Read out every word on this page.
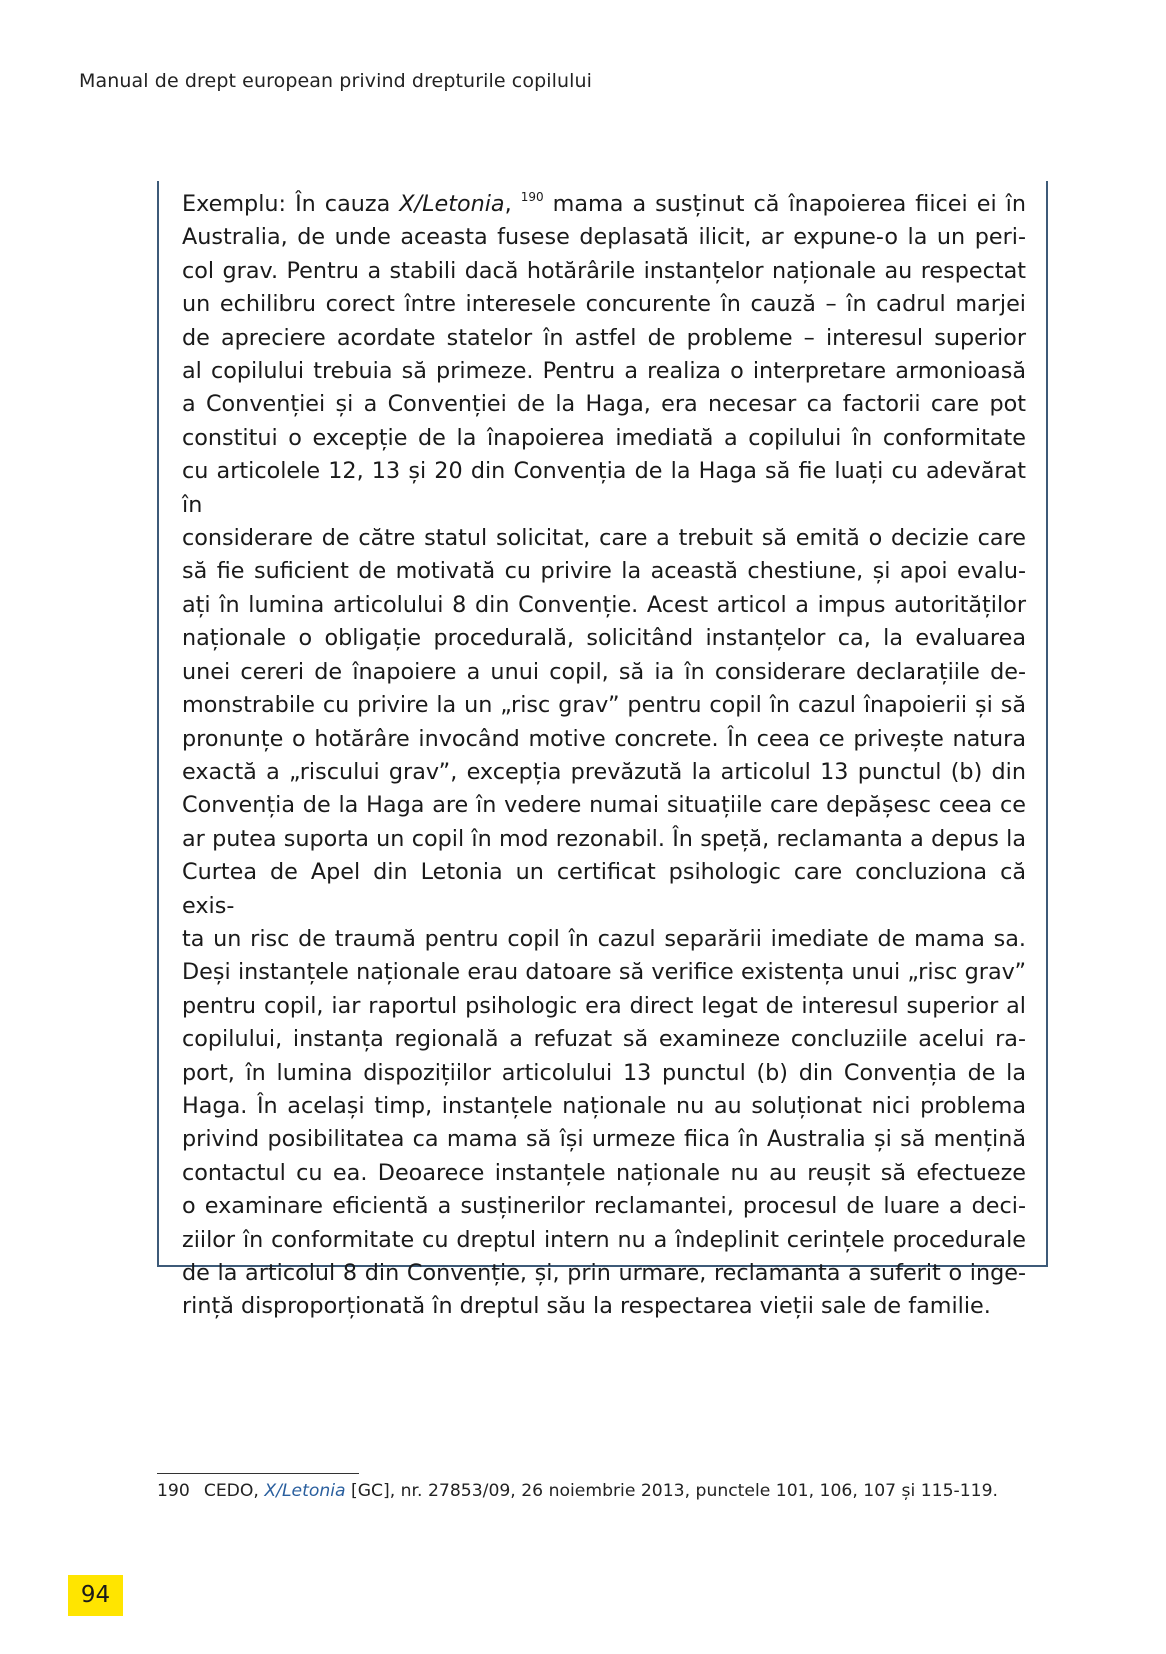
Manual de drept european privind drepturile copilului
Exemplu: În cauza X/Letonia, $^{190}$ mama a susținut că înapoierea fiicei ei în
Australia, de unde aceasta fusese deplasată ilicit, ar expune-o la un peri-
col grav. Pentru a stabili dacă hotărârile instanțelor naționale au respectat
un echilibru corect între interesele concurente în cauză – în cadrul marjei
de apreciere acordate statelor în astfel de probleme – interesul superior
al copilului trebuia să primeze. Pentru a realiza o interpretare armonioasă
a Convenției și a Convenției de la Haga, era necesar ca factorii care pot
constitui o excepție de la înapoierea imediată a copilului în conformitate
cu articolele 12, 13 și 20 din Convenția de la Haga să fie luați cu adevărat în
considerare de către statul solicitat, care a trebuit să emită o decizie care
să fie suficient de motivată cu privire la această chestiune, și apoi evalu-
ați în lumina articolului 8 din Convenție. Acest articol a impus autorităților
naționale o obligație procedurală, solicitând instanțelor ca, la evaluarea
unei cereri de înapoiere a unui copil, să ia în considerare declarațiile de-
monstrabile cu privire la un „risc grav” pentru copil în cazul înapoierii și să
pronunțe o hotărâre invocând motive concrete. În ceea ce privește natura
exactă a „riscului grav”, excepția prevăzută la articolul 13 punctul (b) din
Convenția de la Haga are în vedere numai situațiile care depășesc ceea ce
ar putea suporta un copil în mod rezonabil. În speță, reclamanta a depus la
Curtea de Apel din Letonia un certificat psihologic care concluziona că exis-
ta un risc de traumă pentru copil în cazul separării imediate de mama sa.
Deși instanțele naționale erau datoare să verifice existența unui „risc grav”
pentru copil, iar raportul psihologic era direct legat de interesul superior al
copilului, instanța regională a refuzat să examineze concluziile acelui ra-
port, în lumina dispozițiilor articolului 13 punctul (b) din Convenția de la
Haga. În același timp, instanțele naționale nu au soluționat nici problema
privind posibilitatea ca mama să își urmeze fiica în Australia și să mențină
contactul cu ea. Deoarece instanțele naționale nu au reușit să efectueze
o examinare eficientă a susținerilor reclamantei, procesul de luare a deci-
ziilor în conformitate cu dreptul intern nu a îndeplinit cerințele procedurale
de la articolul 8 din Convenție, și, prin urmare, reclamanta a suferit o inge-
rință disproporționată în dreptul său la respectarea vieții sale de familie.
190 CEDO, X/Letonia [GC], nr. 27853/09, 26 noiembrie 2013, punctele 101, 106, 107 și 115-119.
94
